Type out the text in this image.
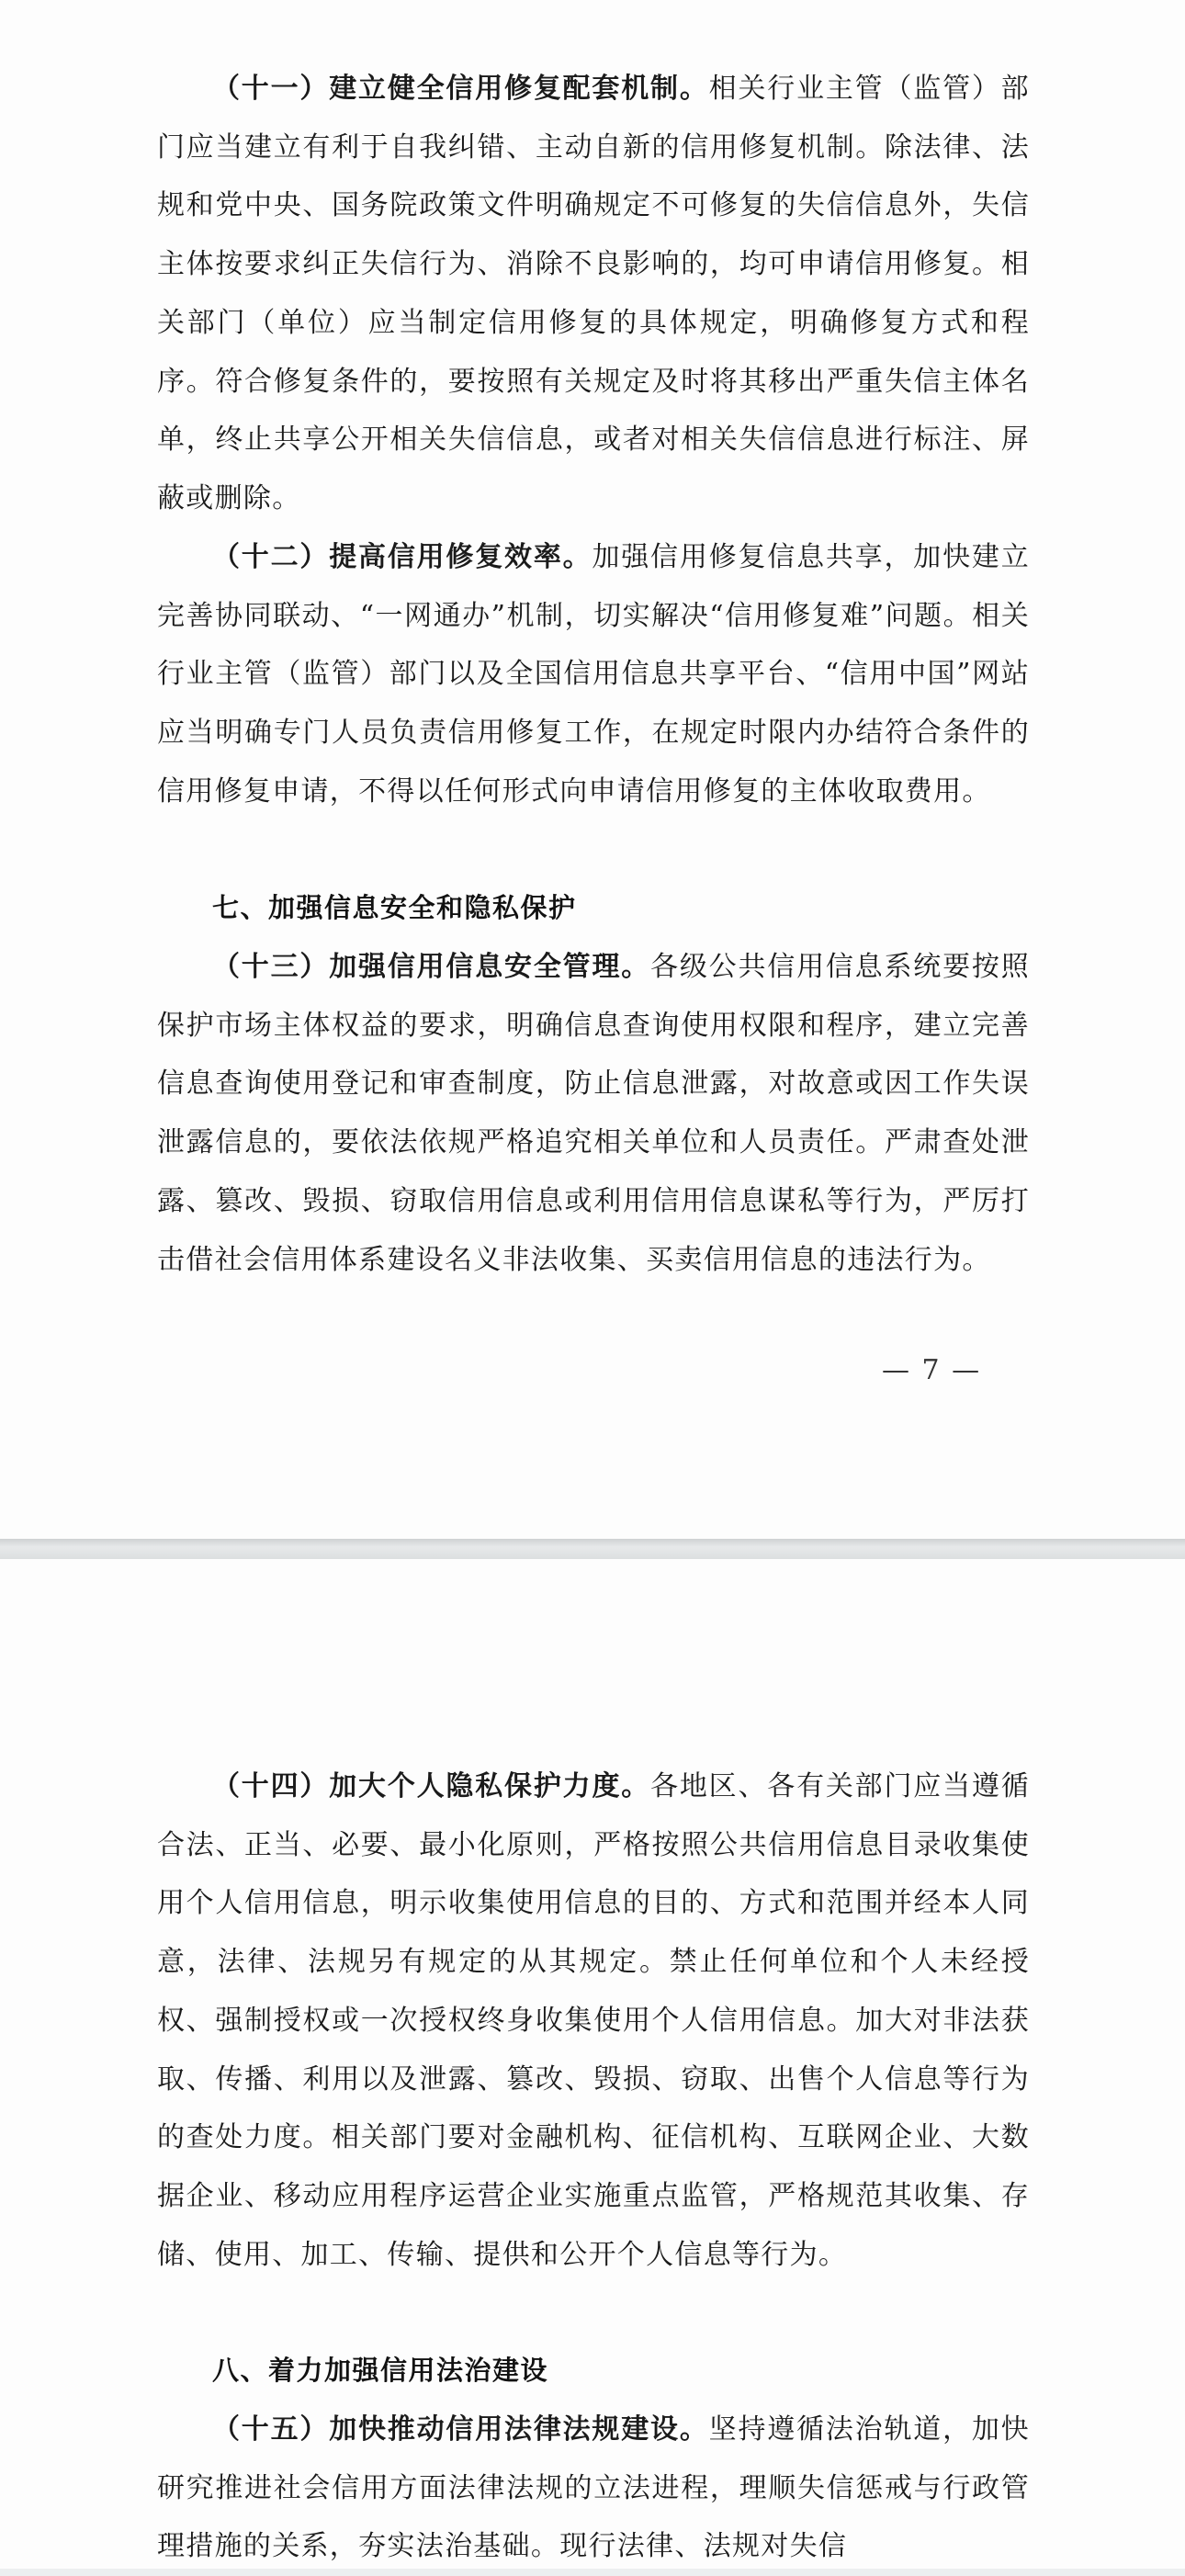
（十一）建立健全信用修复配套机制。相关行业主管（监管）部门应当建立有利于自我纠错、主动自新的信用修复机制。除法律、法规和党中央、国务院政策文件明确规定不可修复的失信信息外，失信主体按要求纠正失信行为、消除不良影响的，均可申请信用修复。相关部门（单位）应当制定信用修复的具体规定，明确修复方式和程序。符合修复条件的，要按照有关规定及时将其移出严重失信主体名单，终止共享公开相关失信信息，或者对相关失信信息进行标注、屏蔽或删除。

（十二）提高信用修复效率。加强信用修复信息共享，加快建立完善协同联动、“一网通办”机制，切实解决“信用修复难”问题。相关行业主管（监管）部门以及全国信用信息共享平台、“信用中国”网站应当明确专门人员负责信用修复工作，在规定时限内办结符合条件的信用修复申请，不得以任何形式向申请信用修复的主体收取费用。

七、加强信息安全和隐私保护

（十三）加强信用信息安全管理。各级公共信用信息系统要按照保护市场主体权益的要求，明确信息查询使用权限和程序，建立完善信息查询使用登记和审查制度，防止信息泄露，对故意或因工作失误泄露信息的，要依法依规严格追究相关单位和人员责任。严肃查处泄露、篡改、毁损、窃取信用信息或利用信用信息谋私等行为，严厉打击借社会信用体系建设名义非法收集、买卖信用信息的违法行为。

— 7 —

（十四）加大个人隐私保护力度。各地区、各有关部门应当遵循合法、正当、必要、最小化原则，严格按照公共信用信息目录收集使用个人信用信息，明示收集使用信息的目的、方式和范围并经本人同意，法律、法规另有规定的从其规定。禁止任何单位和个人未经授权、强制授权或一次授权终身收集使用个人信用信息。加大对非法获取、传播、利用以及泄露、篡改、毁损、窃取、出售个人信息等行为的查处力度。相关部门要对金融机构、征信机构、互联网企业、大数据企业、移动应用程序运营企业实施重点监管，严格规范其收集、存储、使用、加工、传输、提供和公开个人信息等行为。

八、着力加强信用法治建设

（十五）加快推动信用法律法规建设。坚持遵循法治轨道，加快研究推进社会信用方面法律法规的立法进程，理顺失信惩戒与行政管理措施的关系，夯实法治基础。现行法律、法规对失信
